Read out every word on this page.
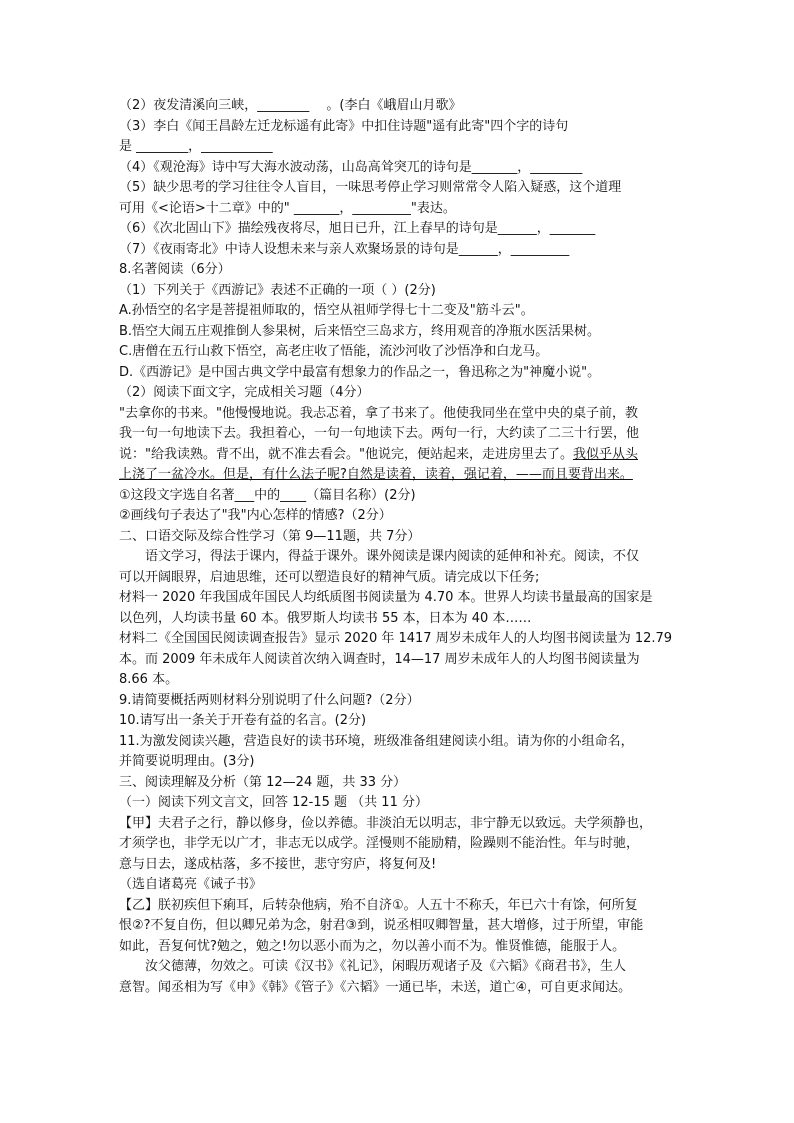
（2）夜发清溪向三峡，________　 。(李白《峨眉山月歌》

（3）李白《闻王昌龄左迁龙标遥有此寄》中扣住诗题"遥有此寄"四个字的诗句

是 ________，___________

（4）《观沧海》诗中写大海水波动荡，山岛高耸突兀的诗句是_______，________

（5）缺少思考的学习往往令人盲目，一味思考停止学习则常常令人陷入疑惑，这个道理

可用《<论语>十二章》中的" _______，_________"表达。

（6）《次北固山下》描绘残夜将尽，旭日已升，江上春早的诗句是______，_______

（7）《夜雨寄北》中诗人设想未来与亲人欢聚场景的诗句是______，_________

8.名著阅读（6分）

（1）下列关于《西游记》表述不正确的一项（ ）(2分)

A.孙悟空的名字是菩提祖师取的，悟空从祖师学得七十二变及"筋斗云"。

B.悟空大闹五庄观推倒人参果树，后来悟空三岛求方，终用观音的净瓶水医活果树。

C.唐僧在五行山救下悟空，高老庄收了悟能，流沙河收了沙悟净和白龙马。

D.《西游记》是中国古典文学中最富有想象力的作品之一，鲁迅称之为"神魔小说"。

（2）阅读下面文字，完成相关习题（4分）

"去拿你的书来。"他慢慢地说。我忐忑着，拿了书来了。他使我同坐在堂中央的桌子前，教

我一句一句地读下去。我担着心，一句一句地读下去。两句一行，大约读了二三十行罢，他

说："给我读熟。背不出，就不准去看会。"他说完，便站起来，走进房里去了。我似乎从头

上浇了一盆冷水。但是，有什么法子呢?自然是读着，读着，强记着，——而且要背出来。

①这段文字选自名著___中的____（篇目名称）(2分)

②画线句子表达了"我"内心怎样的情感?（2分）

二、口语交际及综合性学习（第 9—11题，共 7分）

语文学习，得法于课内，得益于课外。课外阅读是课内阅读的延伸和补充。阅读，不仅

可以开阔眼界，启迪思维，还可以塑造良好的精神气质。请完成以下任务;

材料一 2020 年我国成年国民人均纸质图书阅读量为 4.70 本。世界人均读书量最高的国家是

以色列，人均读书量 60 本。俄罗斯人均读书 55 本，日本为 40 本……

材料二《全国国民阅读调查报告》显示 2020 年 1417 周岁未成年人的人均图书阅读量为 12.79

本。而 2009 年未成年人阅读首次纳入调查时，14—17 周岁未成年人的人均图书阅读量为

8.66 本。

9.请简要概括两则材料分别说明了什么问题?（2分）

10.请写出一条关于开卷有益的名言。(2分)

11.为激发阅读兴趣，营造良好的读书环境，班级准备组建阅读小组。请为你的小组命名，

并简要说明理由。(3分)

三、阅读理解及分析（第 12—24 题，共 33 分）

（一）阅读下列文言文，回答 12-15 题 （共 11 分）

【甲】夫君子之行，静以修身，俭以养德。非淡泊无以明志，非宁静无以致远。夫学须静也，

才须学也，非学无以广才，非志无以成学。淫慢则不能励精，险躁则不能治性。年与时驰，

意与日去，遂成枯落，多不接世，悲守穷庐，将复何及!

（选自诸葛亮《诫子书》

【乙】朕初疾但下痢耳，后转杂他病，殆不自济①。人五十不称夭，年已六十有馀，何所复

恨②?不复自伤，但以卿兄弟为念，射君③到，说丞相叹卿智量，甚大增修，过于所望，审能

如此，吾复何忧?勉之，勉之!勿以恶小而为之，勿以善小而不为。惟贤惟德，能服于人。

汝父德薄，勿效之。可读《汉书》《礼记》，闲暇历观诸子及《六韬》《商君书》，生人

意智。闻丞相为写《申》《韩》《管子》《六韬》一通已毕，未送，道亡④，可自更求闻达。
